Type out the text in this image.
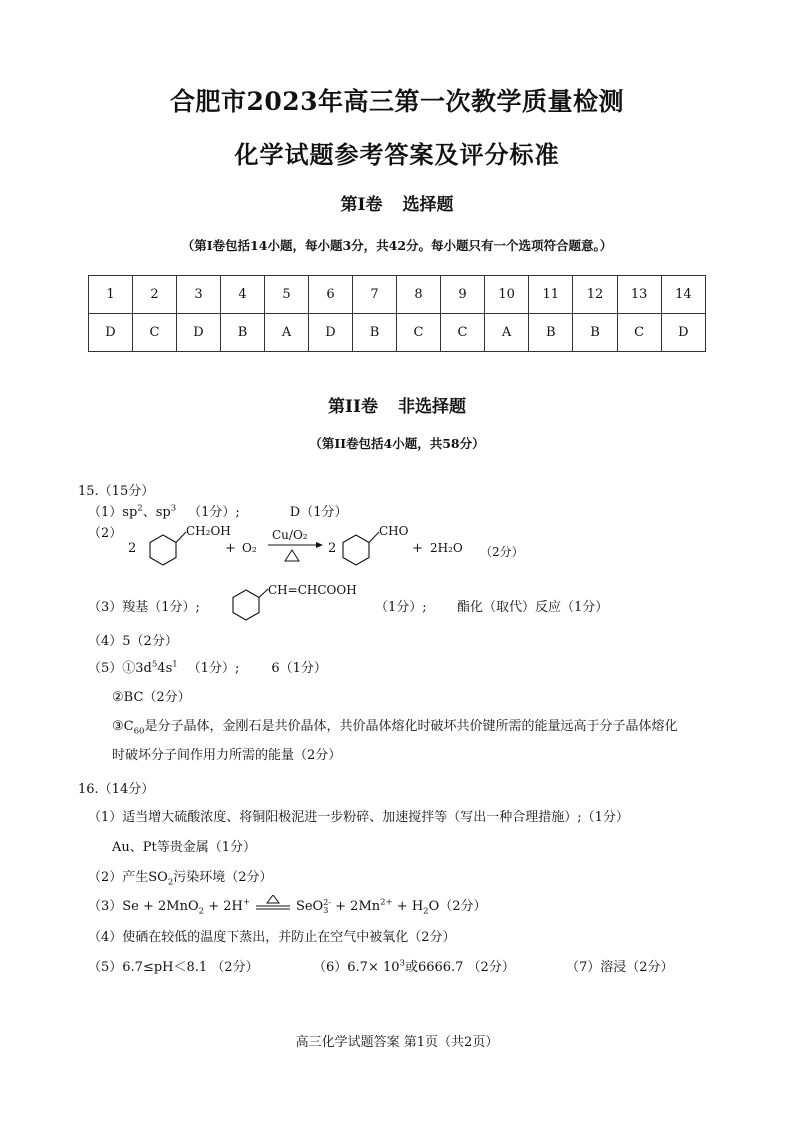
合肥市2023年高三第一次教学质量检测
化学试题参考答案及评分标准
第Ⅰ卷 选择题
（第Ⅰ卷包括14小题，每小题3分，共42分。每小题只有一个选项符合题意。）
1	2	3	4	5	6	7	8	9	10	11	12	13	14
D	C	D	B	A	D	B	C	C	A	B	B	C	D
第II卷 非选择题
（第II卷包括4小题，共58分）
15.（15分）
$(1)sp^2$、$sp^3$ （1分）;	D（1分）
（2）
2
CH₂OH
+ O₂
Cu/O₂
2
CHO
+ 2H₂O （2分）
（3）羧基（1分）;
CH=CHCOOH
（1分）; 酯化（取代）反应（1分）
（4）5（2分）
$(5)①3d^54s^1$ （1分）; 6（1分）
②BC（2分）
$③C_{60}$是分子晶体，金刚石是共价晶体，共价晶体熔化时破坏共价键所需的能量远高于分子晶体熔化
时破坏分子间作用力所需的能量（2分）
16.（14分）
（1）适当增大硫酸浓度、将铜阳极泥进一步粉碎、加速搅拌等（写出一种合理措施）;（1分）
Au、Pt等贵金属（1分）
（2）产生$SO_2$污染环境（2分）
（3）Se + 2MnO$_2$ + 2H+	SeO 2-
$3 + 2Mn^{2+} + H_2O(2$分）
（4）使硒在较低的温度下蒸出，并防止在空气中被氧化（2分）
（5）6.7≤pH＜8.1 （2分）	$(6)6.7\times 10^3$或6666.7 （2分）	（7）溶浸（2分）
高三化学试题答案 第1页（共2页）
